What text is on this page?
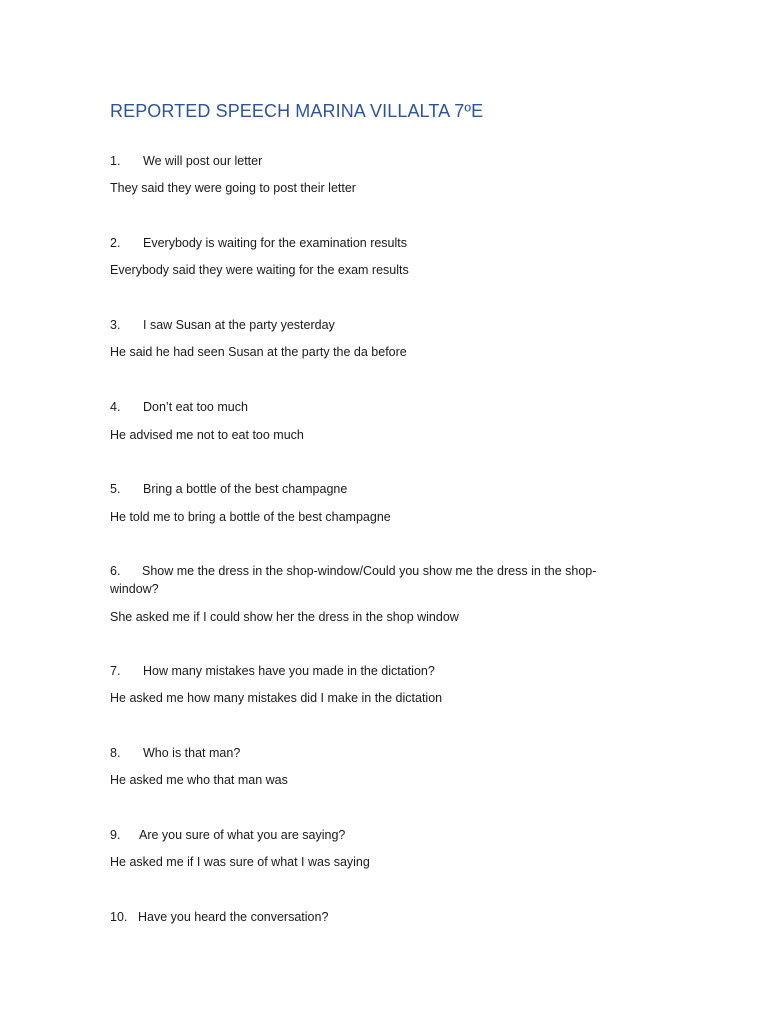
REPORTED SPEECH MARINA VILLALTA 7ºE
1. We will post our letter
They said they were going to post their letter
2. Everybody is waiting for the examination results
Everybody said they were waiting for the exam results
3. I saw Susan at the party yesterday
He said he had seen Susan at the party the da before
4. Don’t eat too much
He advised me not to eat too much
5. Bring a bottle of the best champagne
He told me to bring a bottle of the best champagne
6. Show me the dress in the shop-window/Could you show me the dress in the shop-window?
She asked me if I could show her the dress in the shop window
7. How many mistakes have you made in the dictation?
He asked me how many mistakes did I make in the dictation
8. Who is that man?
He asked me who that man was
9. Are you sure of what you are saying?
He asked me if I was sure of what I was saying
10. Have you heard the conversation?
